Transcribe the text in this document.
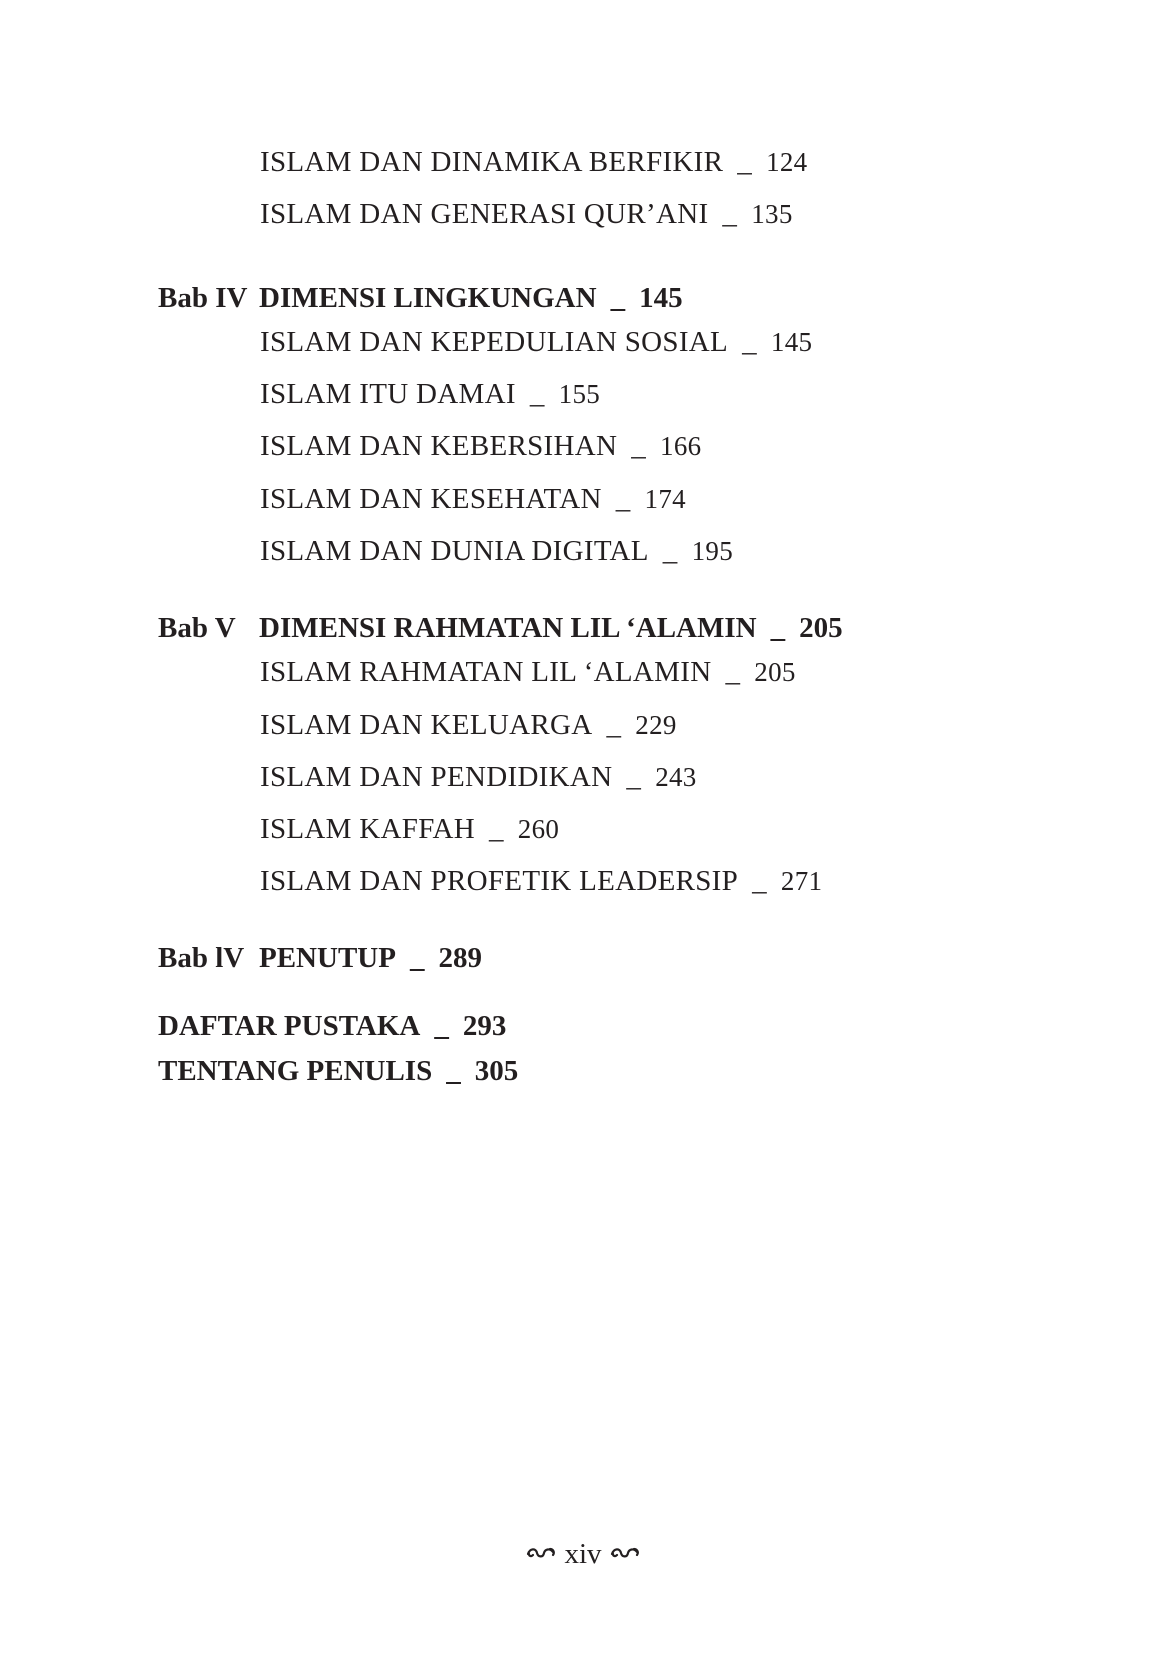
ISLAM DAN DINAMIKA BERFIKIR _ 124
ISLAM DAN GENERASI QUR’ANI _ 135
Bab IV DIMENSI LINGKUNGAN _ 145
ISLAM DAN KEPEDULIAN SOSIAL _ 145
ISLAM ITU DAMAI _ 155
ISLAM DAN KEBERSIHAN _ 166
ISLAM DAN KESEHATAN _ 174
ISLAM DAN DUNIA DIGITAL _ 195
Bab V DIMENSI RAHMATAN LIL ‘ALAMIN _ 205
ISLAM RAHMATAN LIL ‘ALAMIN _ 205
ISLAM DAN KELUARGA _ 229
ISLAM DAN PENDIDIKAN _ 243
ISLAM KAFFAH _ 260
ISLAM DAN PROFETIK LEADERSIP _ 271
Bab lV PENUTUP _ 289
DAFTAR PUSTAKA _ 293
TENTANG PENULIS _ 305
xiv
